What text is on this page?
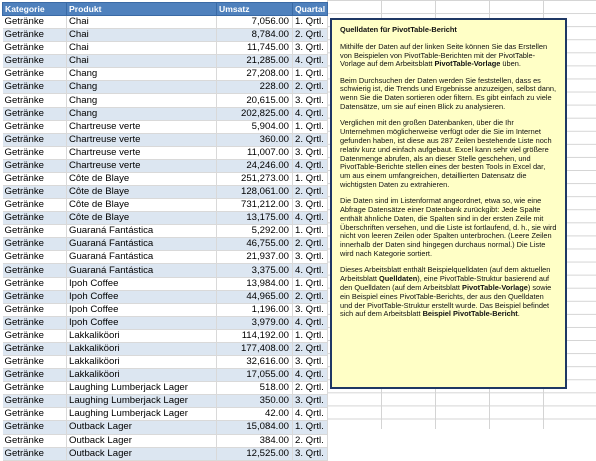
Kategorie	Produkt	Umsatz	Quartal
Getränke	Chai	7,056.00	1. Qrtl.
Getränke	Chai	8,784.00	2. Qrtl.
Getränke	Chai	11,745.00	3. Qrtl.
Getränke	Chai	21,285.00	4. Qrtl.
Getränke	Chang	27,208.00	1. Qrtl.
Getränke	Chang	228.00	2. Qrtl.
Getränke	Chang	20,615.00	3. Qrtl.
Getränke	Chang	202,825.00	4. Qrtl.
Getränke	Chartreuse verte	5,904.00	1. Qrtl.
Getränke	Chartreuse verte	360.00	2. Qrtl.
Getränke	Chartreuse verte	11,007.00	3. Qrtl.
Getränke	Chartreuse verte	24,246.00	4. Qrtl.
Getränke	Côte de Blaye	251,273.00	1. Qrtl.
Getränke	Côte de Blaye	128,061.00	2. Qrtl.
Getränke	Côte de Blaye	731,212.00	3. Qrtl.
Getränke	Côte de Blaye	13,175.00	4. Qrtl.
Getränke	Guaraná Fantástica	5,292.00	1. Qrtl.
Getränke	Guaraná Fantástica	46,755.00	2. Qrtl.
Getränke	Guaraná Fantástica	21,937.00	3. Qrtl.
Getränke	Guaraná Fantástica	3,375.00	4. Qrtl.
Getränke	Ipoh Coffee	13,984.00	1. Qrtl.
Getränke	Ipoh Coffee	44,965.00	2. Qrtl.
Getränke	Ipoh Coffee	1,196.00	3. Qrtl.
Getränke	Ipoh Coffee	3,979.00	4. Qrtl.
Getränke	Lakkaliköori	114,192.00	1. Qrtl.
Getränke	Lakkaliköori	177,408.00	2. Qrtl.
Getränke	Lakkaliköori	32,616.00	3. Qrtl.
Getränke	Lakkaliköori	17,055.00	4. Qrtl.
Getränke	Laughing Lumberjack Lager	518.00	2. Qrtl.
Getränke	Laughing Lumberjack Lager	350.00	3. Qrtl.
Getränke	Laughing Lumberjack Lager	42.00	4. Qrtl.
Getränke	Outback Lager	15,084.00	1. Qrtl.
Getränke	Outback Lager	384.00	2. Qrtl.
Getränke	Outback Lager	12,525.00	3. Qrtl.

Quelldaten für PivotTable-Bericht

Mithilfe der Daten auf der linken Seite können Sie das Erstellen von Beispielen von PivotTable-Berichten mit der PivotTable-Vorlage auf dem Arbeitsblatt PivotTable-Vorlage üben.

Beim Durchsuchen der Daten werden Sie feststellen, dass es schwierig ist, die Trends und Ergebnisse anzuzeigen, selbst dann, wenn Sie die Daten sortieren oder filtern. Es gibt einfach zu viele Datensätze, um sie auf einen Blick zu analysieren.

Verglichen mit den großen Datenbanken, über die Ihr Unternehmen möglicherweise verfügt oder die Sie im Internet gefunden haben, ist diese aus 287 Zeilen bestehende Liste noch relativ kurz und einfach aufgebaut. Excel kann sehr viel größere Datenmenge abrufen, als an dieser Stelle geschehen, und PivotTable-Berichte stellen eines der besten Tools in Excel dar, um aus einem umfangreichen, detaillierten Datensatz die wichtigsten Daten zu extrahieren.

Die Daten sind im Listenformat angeordnet, etwa so, wie eine Abfrage Datensätze einer Datenbank zurückgibt: Jede Spalte enthält ähnliche Daten, die Spalten sind in der ersten Zeile mit Überschriften versehen, und die Liste ist fortlaufend, d. h., sie wird nicht von leeren Zeilen oder Spalten unterbrochen. (Leere Zeilen innerhalb der Daten sind hingegen durchaus normal.) Die Liste wird nach Kategorie sortiert.

Dieses Arbeitsblatt enthält Beispielquelldaten (auf dem aktuellen Arbeitsblatt Quelldaten), eine PivotTable-Struktur basierend auf den Quelldaten (auf dem Arbeitsblatt PivotTable-Vorlage) sowie ein Beispiel eines PivotTable-Berichts, der aus den Quelldaten und der PivotTable-Struktur erstellt wurde. Das Beispiel befindet sich auf dem Arbeitsblatt Beispiel PivotTable-Bericht.
